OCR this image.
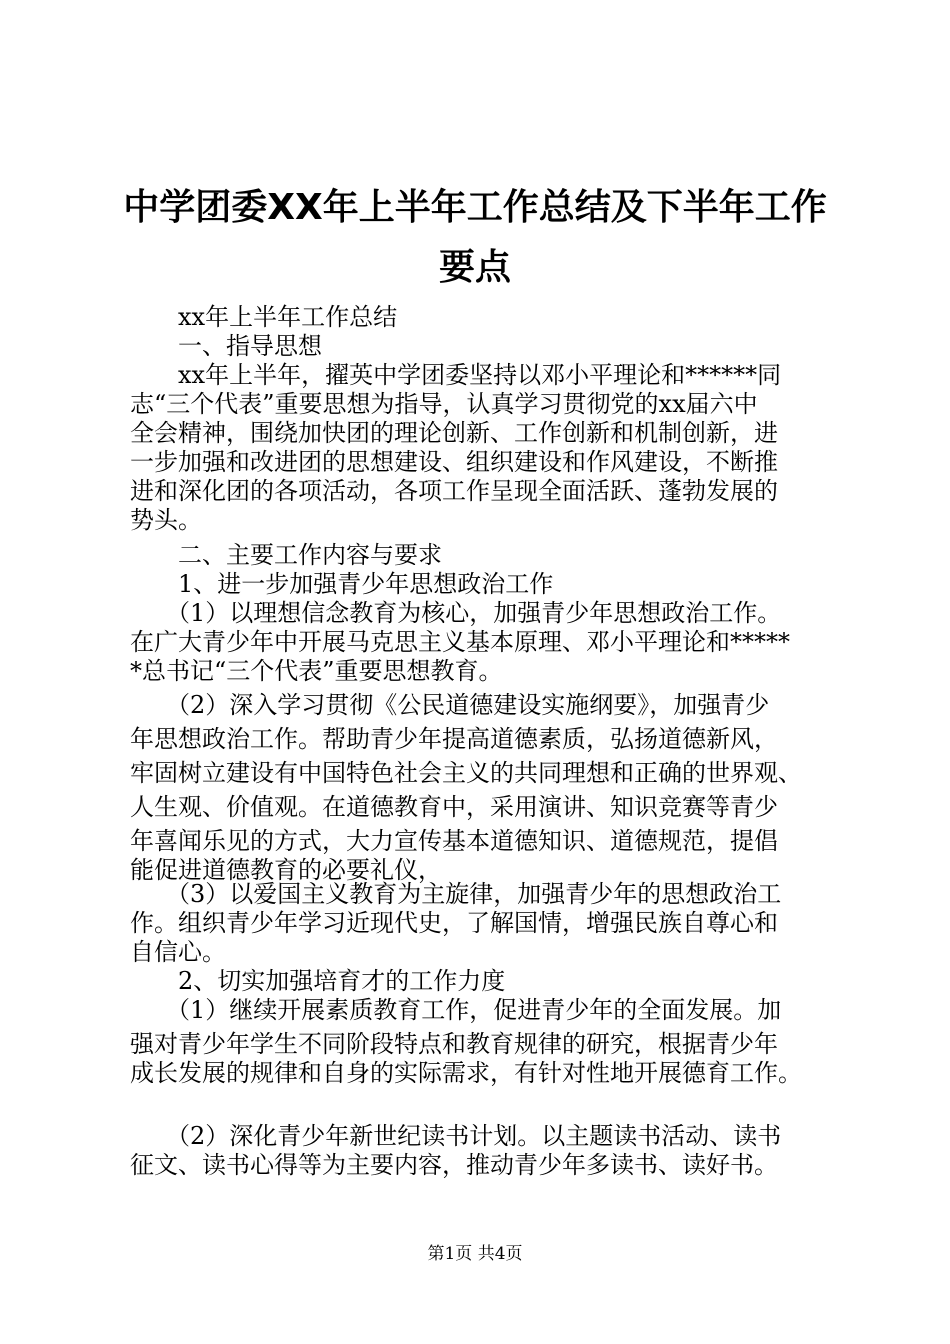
中学团委XX年上半年工作总结及下半年工作
要点
　　xx年上半年工作总结
　　一、指导思想
　　xx年上半年，擢英中学团委坚持以邓小平理论和******同
志“三个代表”重要思想为指导，认真学习贯彻党的xx届六中
全会精神，围绕加快团的理论创新、工作创新和机制创新，进
一步加强和改进团的思想建设、组织建设和作风建设，不断推
进和深化团的各项活动，各项工作呈现全面活跃、蓬勃发展的
势头。
　　二、主要工作内容与要求
　　1、进一步加强青少年思想政治工作
　　（1）以理想信念教育为核心，加强青少年思想政治工作。
在广大青少年中开展马克思主义基本原理、邓小平理论和*****
*总书记“三个代表”重要思想教育。
　　（2）深入学习贯彻《公民道德建设实施纲要》，加强青少
年思想政治工作。帮助青少年提高道德素质，弘扬道德新风，
牢固树立建设有中国特色社会主义的共同理想和正确的世界观、
人生观、价值观。在道德教育中，采用演讲、知识竞赛等青少
年喜闻乐见的方式，大力宣传基本道德知识、道德规范，提倡
能促进道德教育的必要礼仪，
　　（3）以爱国主义教育为主旋律，加强青少年的思想政治工
作。组织青少年学习近现代史，了解国情，增强民族自尊心和
自信心。
　　2、切实加强培育才的工作力度
　　（1）继续开展素质教育工作，促进青少年的全面发展。加
强对青少年学生不同阶段特点和教育规律的研究，根据青少年
成长发展的规律和自身的实际需求，有针对性地开展德育工作。
　　（2）深化青少年新世纪读书计划。以主题读书活动、读书
征文、读书心得等为主要内容，推动青少年多读书、读好书。
第1页 共4页
